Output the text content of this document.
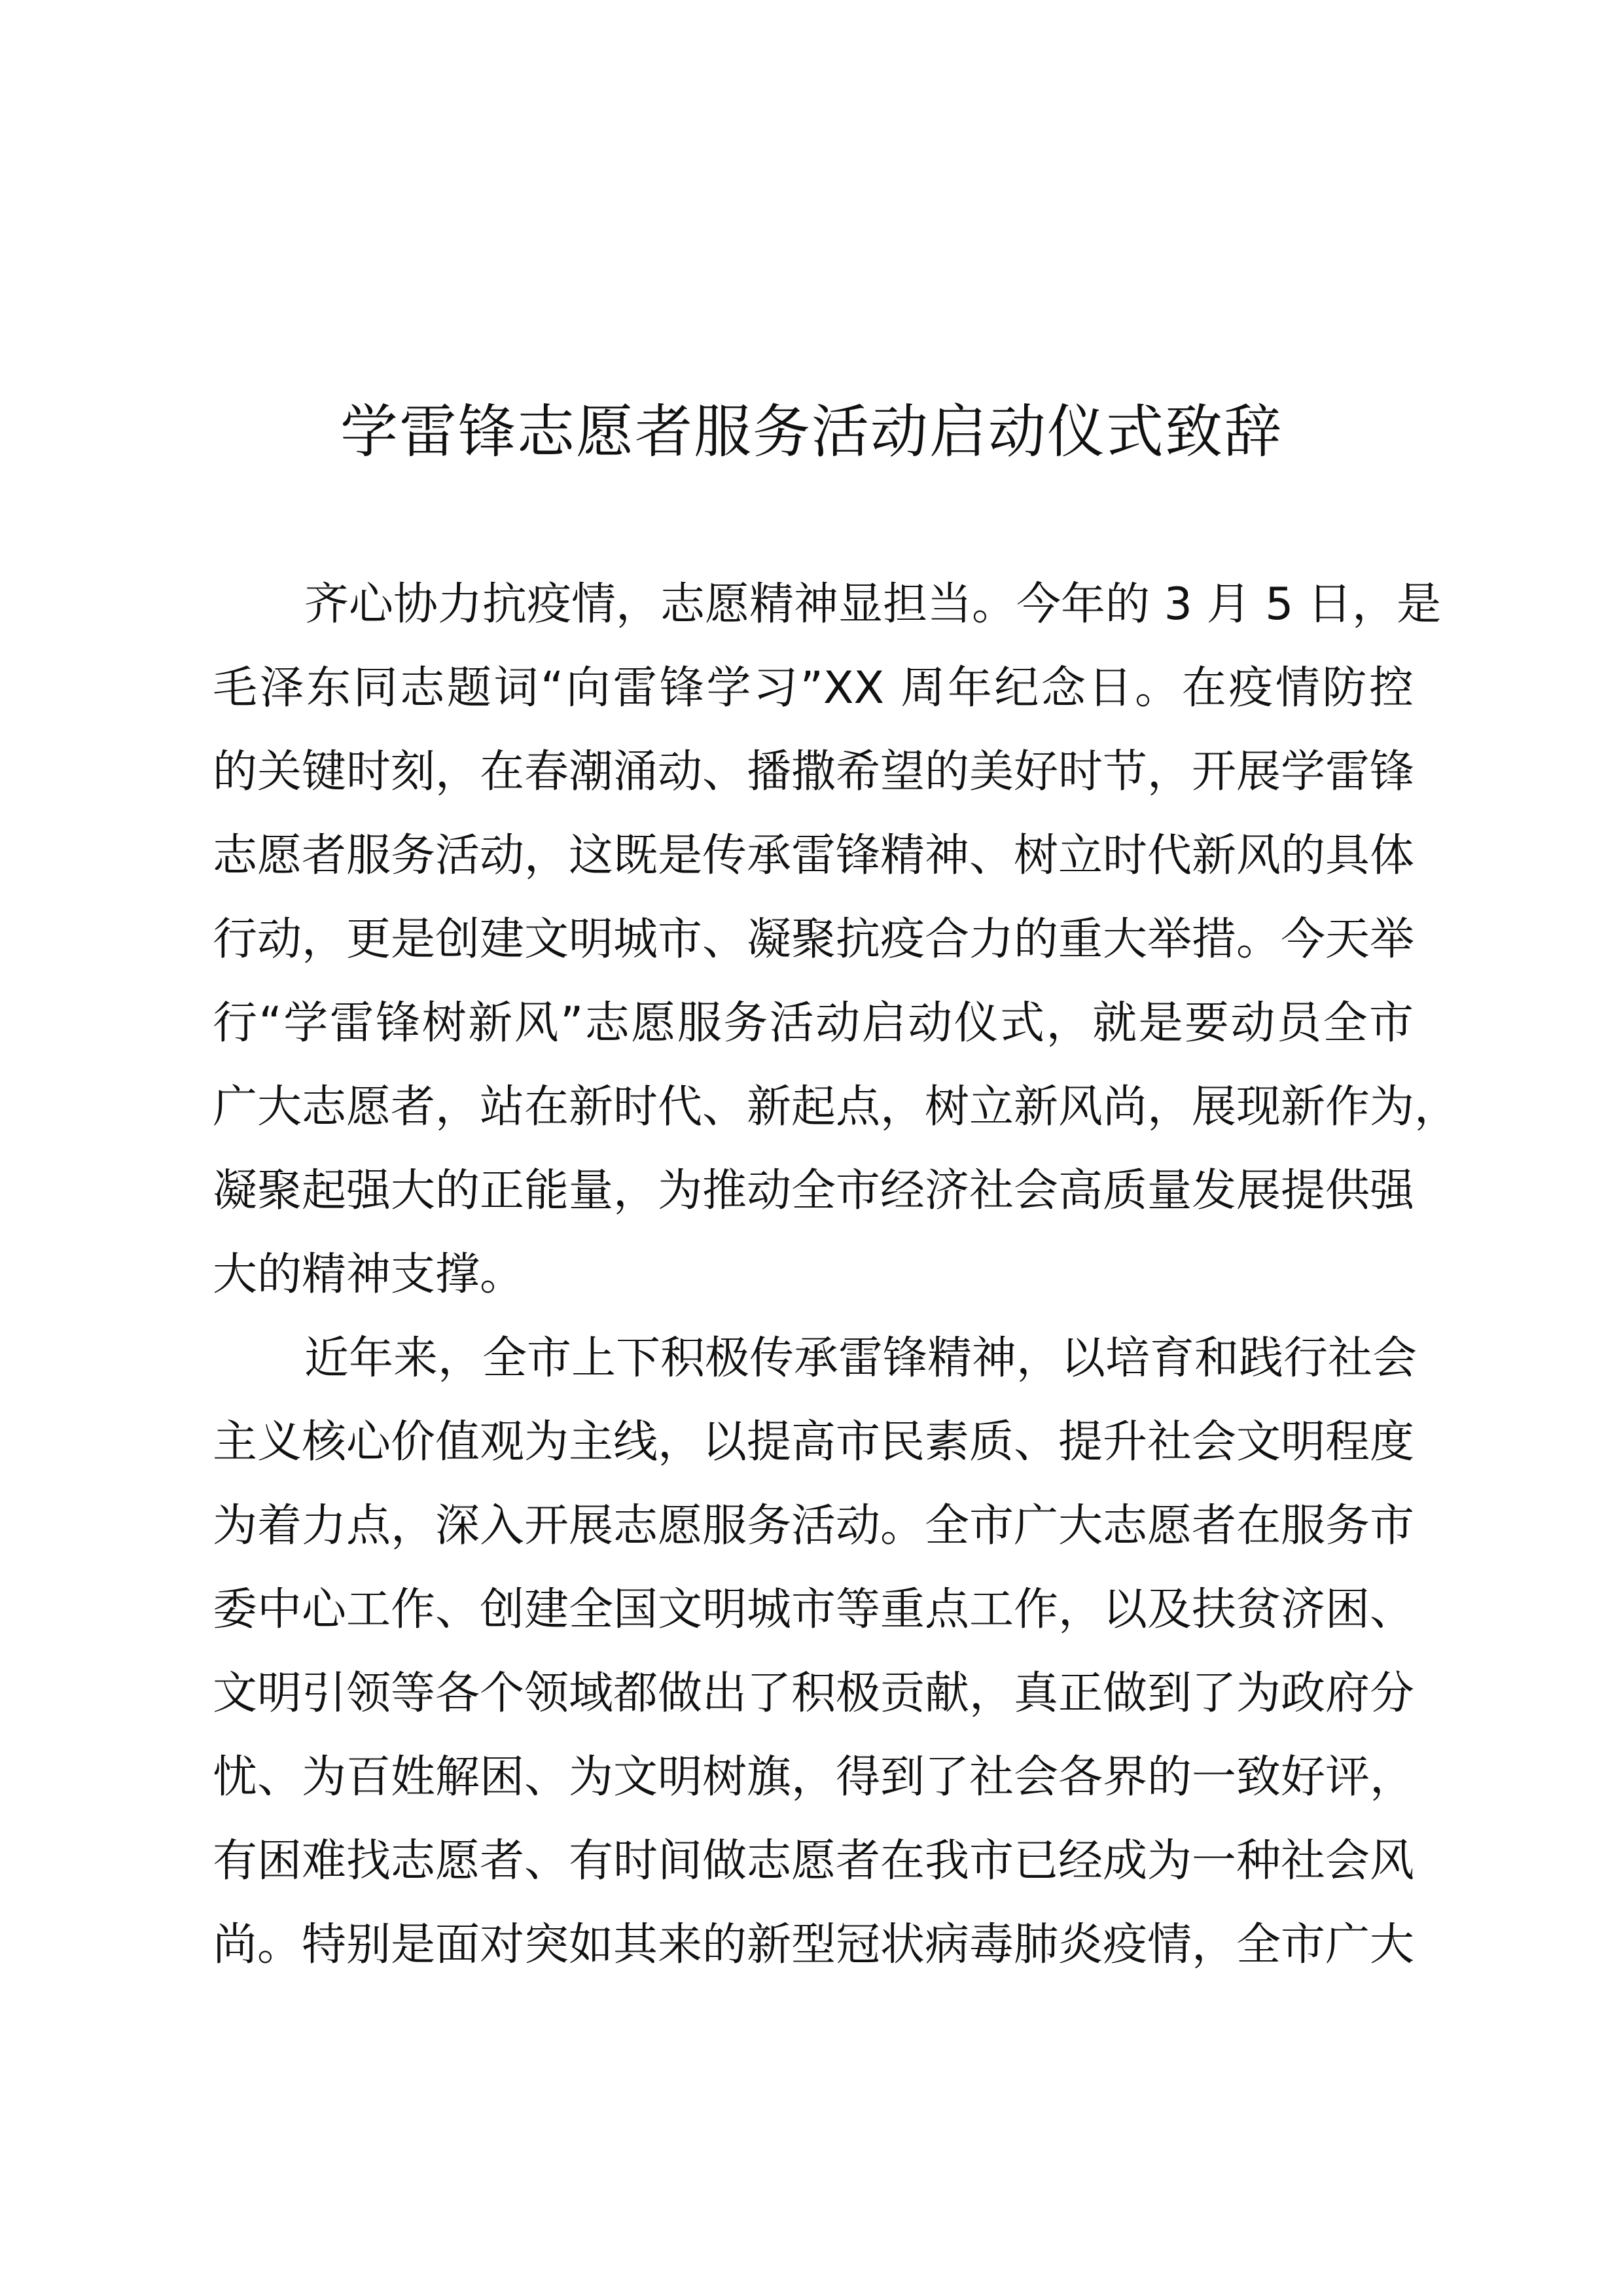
学雷锋志愿者服务活动启动仪式致辞
齐心协力抗疫情，志愿精神显担当。今年的 3 月 5 日，是
毛泽东同志题词“向雷锋学习”XX 周年纪念日。在疫情防控
的关键时刻，在春潮涌动、播撒希望的美好时节，开展学雷锋
志愿者服务活动，这既是传承雷锋精神、树立时代新风的具体
行动，更是创建文明城市、凝聚抗疫合力的重大举措。今天举
行“学雷锋树新风”志愿服务活动启动仪式，就是要动员全市
广大志愿者，站在新时代、新起点，树立新风尚，展现新作为，
凝聚起强大的正能量，为推动全市经济社会高质量发展提供强
大的精神支撑。
近年来，全市上下积极传承雷锋精神，以培育和践行社会
主义核心价值观为主线，以提高市民素质、提升社会文明程度
为着力点，深入开展志愿服务活动。全市广大志愿者在服务市
委中心工作、创建全国文明城市等重点工作，以及扶贫济困、
文明引领等各个领域都做出了积极贡献，真正做到了为政府分
忧、为百姓解困、为文明树旗，得到了社会各界的一致好评，
有困难找志愿者、有时间做志愿者在我市已经成为一种社会风
尚。特别是面对突如其来的新型冠状病毒肺炎疫情，全市广大
